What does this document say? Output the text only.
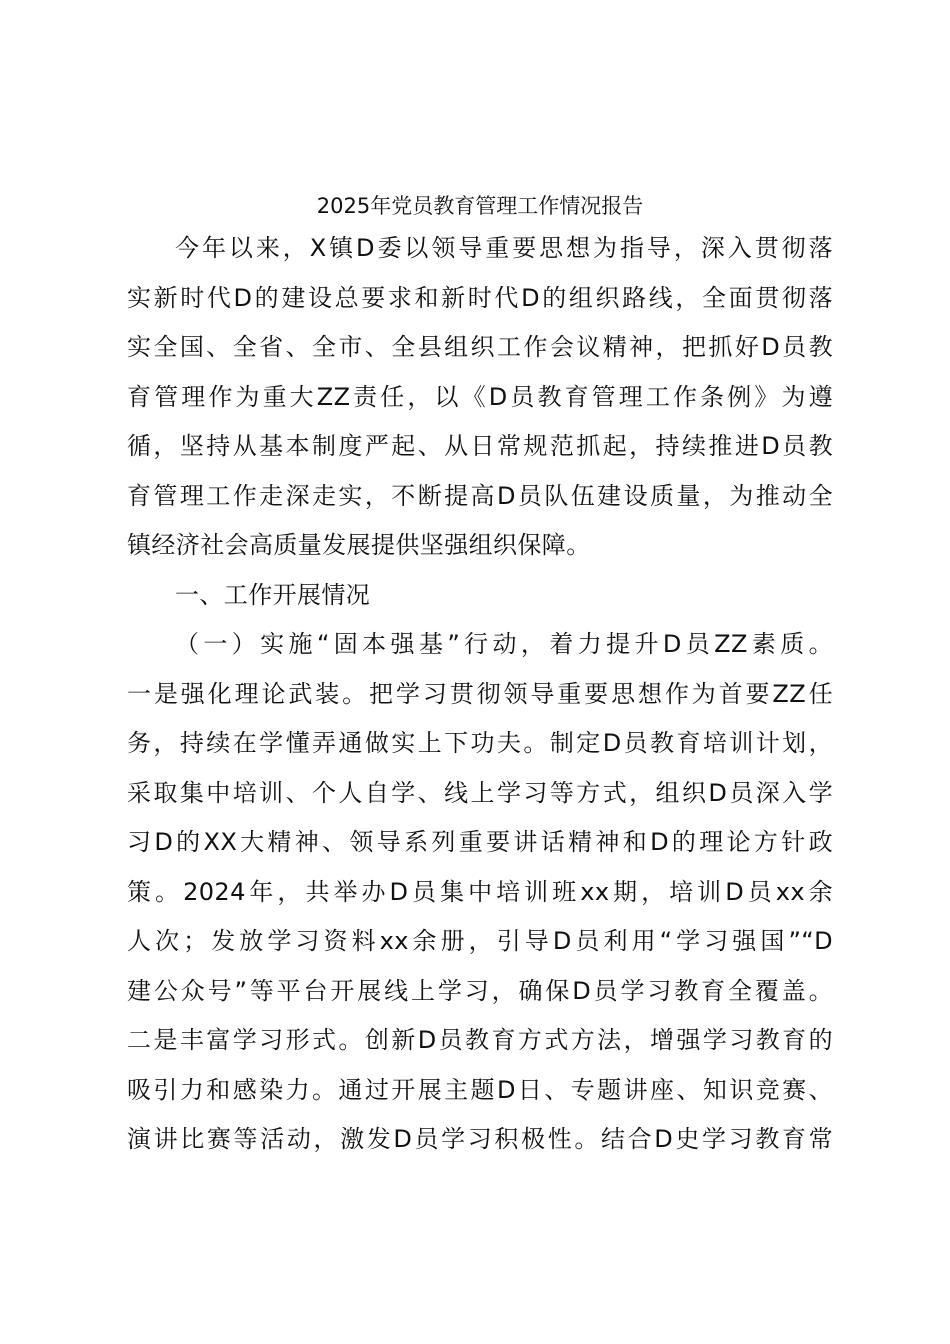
2025年党员教育管理工作情况报告
今年以来，X镇D委以领导重要思想为指导，深入贯彻落
实新时代D的建设总要求和新时代D的组织路线，全面贯彻落
实全国、全省、全市、全县组织工作会议精神，把抓好D员教
育管理作为重大ZZ责任，以《D员教育管理工作条例》为遵
循，坚持从基本制度严起、从日常规范抓起，持续推进D员教
育管理工作走深走实，不断提高D员队伍建设质量，为推动全
镇经济社会高质量发展提供坚强组织保障。
一、工作开展情况
（一）实施“固本强基”行动，着力提升D员ZZ素质。
一是强化理论武装。把学习贯彻领导重要思想作为首要ZZ任
务，持续在学懂弄通做实上下功夫。制定D员教育培训计划，
采取集中培训、个人自学、线上学习等方式，组织D员深入学
习D的XX大精神、领导系列重要讲话精神和D的理论方针政
策。2024年，共举办D员集中培训班xx期，培训D员xx余
人次；发放学习资料xx余册，引导D员利用“学习强国”“D
建公众号”等平台开展线上学习，确保D员学习教育全覆盖。
二是丰富学习形式。创新D员教育方式方法，增强学习教育的
吸引力和感染力。通过开展主题D日、专题讲座、知识竞赛、
演讲比赛等活动，激发D员学习积极性。结合D史学习教育常
